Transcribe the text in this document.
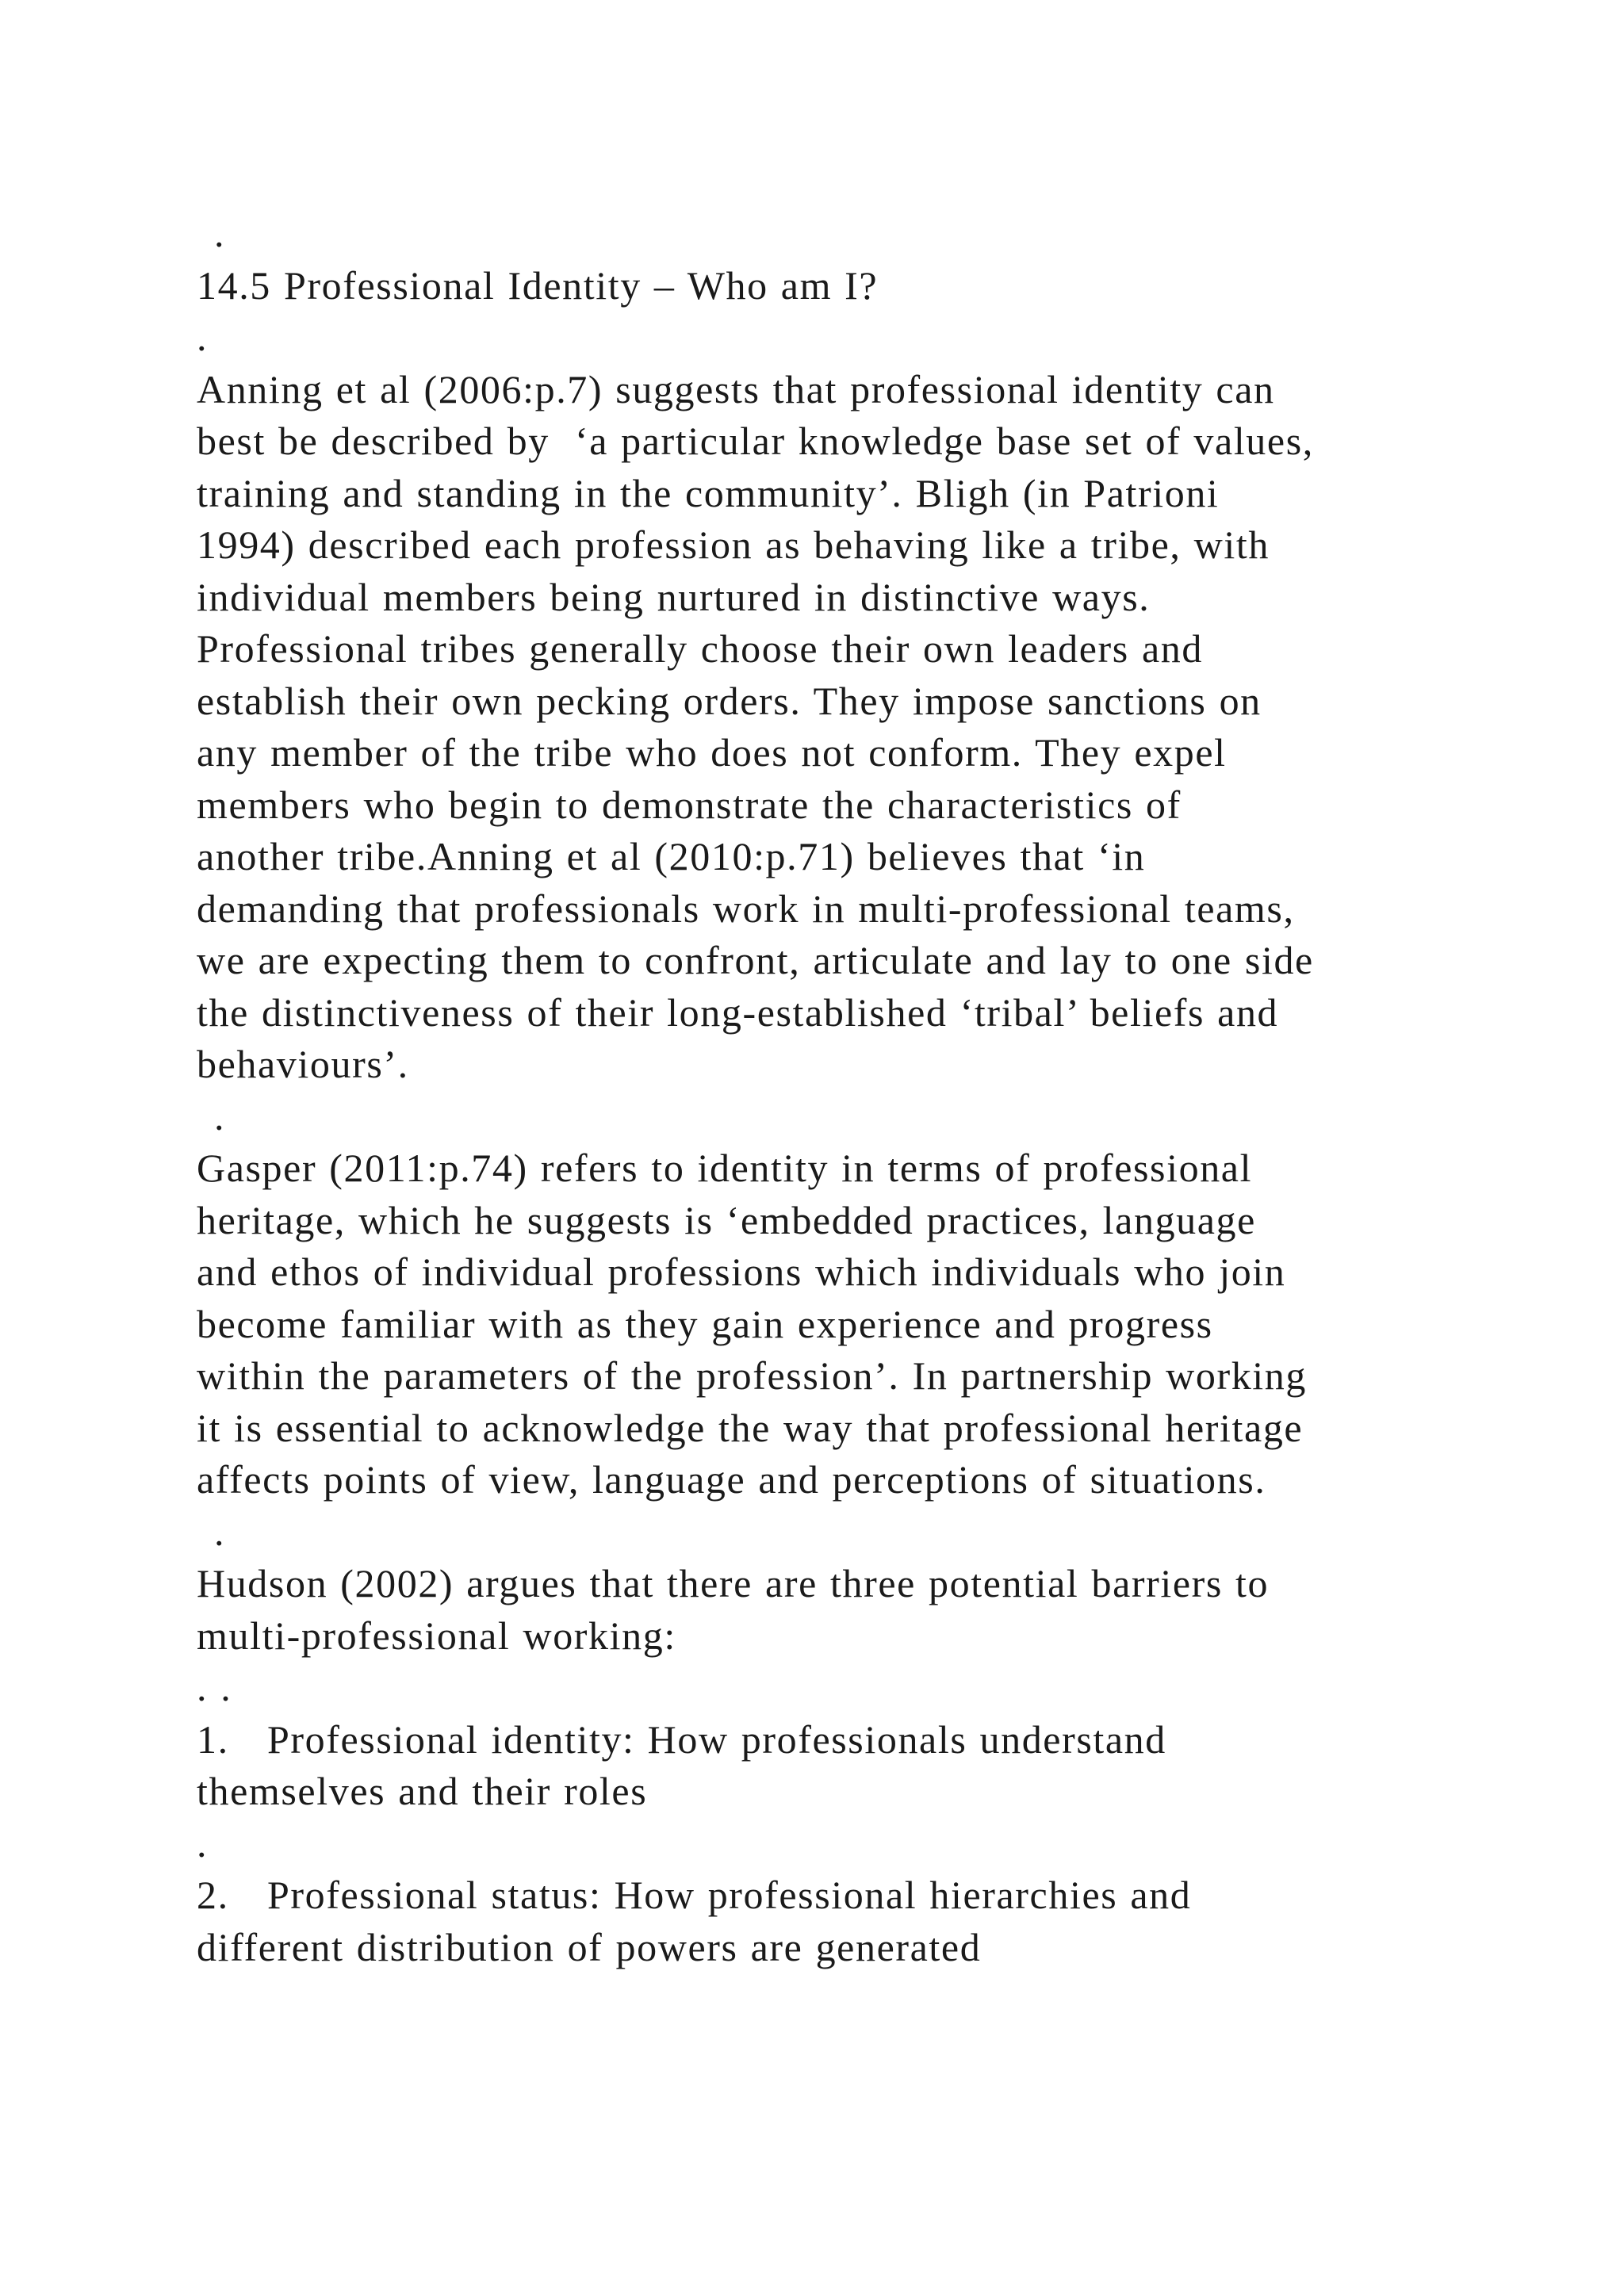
.
14.5 Professional Identity – Who am I?
.
Anning et al (2006:p.7) suggests that professional identity can
best be described by  ‘a particular knowledge base set of values,
training and standing in the community’. Bligh (in Patrioni
1994) described each profession as behaving like a tribe, with
individual members being nurtured in distinctive ways.
Professional tribes generally choose their own leaders and
establish their own pecking orders. They impose sanctions on
any member of the tribe who does not conform. They expel
members who begin to demonstrate the characteristics of
another tribe.Anning et al (2010:p.71) believes that ‘in
demanding that professionals work in multi-professional teams,
we are expecting them to confront, articulate and lay to one side
the distinctiveness of their long-established ‘tribal’ beliefs and
behaviours’.
.
Gasper (2011:p.74) refers to identity in terms of professional
heritage, which he suggests is ‘embedded practices, language
and ethos of individual professions which individuals who join
become familiar with as they gain experience and progress
within the parameters of the profession’. In partnership working
it is essential to acknowledge the way that professional heritage
affects points of view, language and perceptions of situations.
.
Hudson (2002) argues that there are three potential barriers to
multi-professional working:
. .
1.   Professional identity: How professionals understand
themselves and their roles
.
2.   Professional status: How professional hierarchies and
different distribution of powers are generated
